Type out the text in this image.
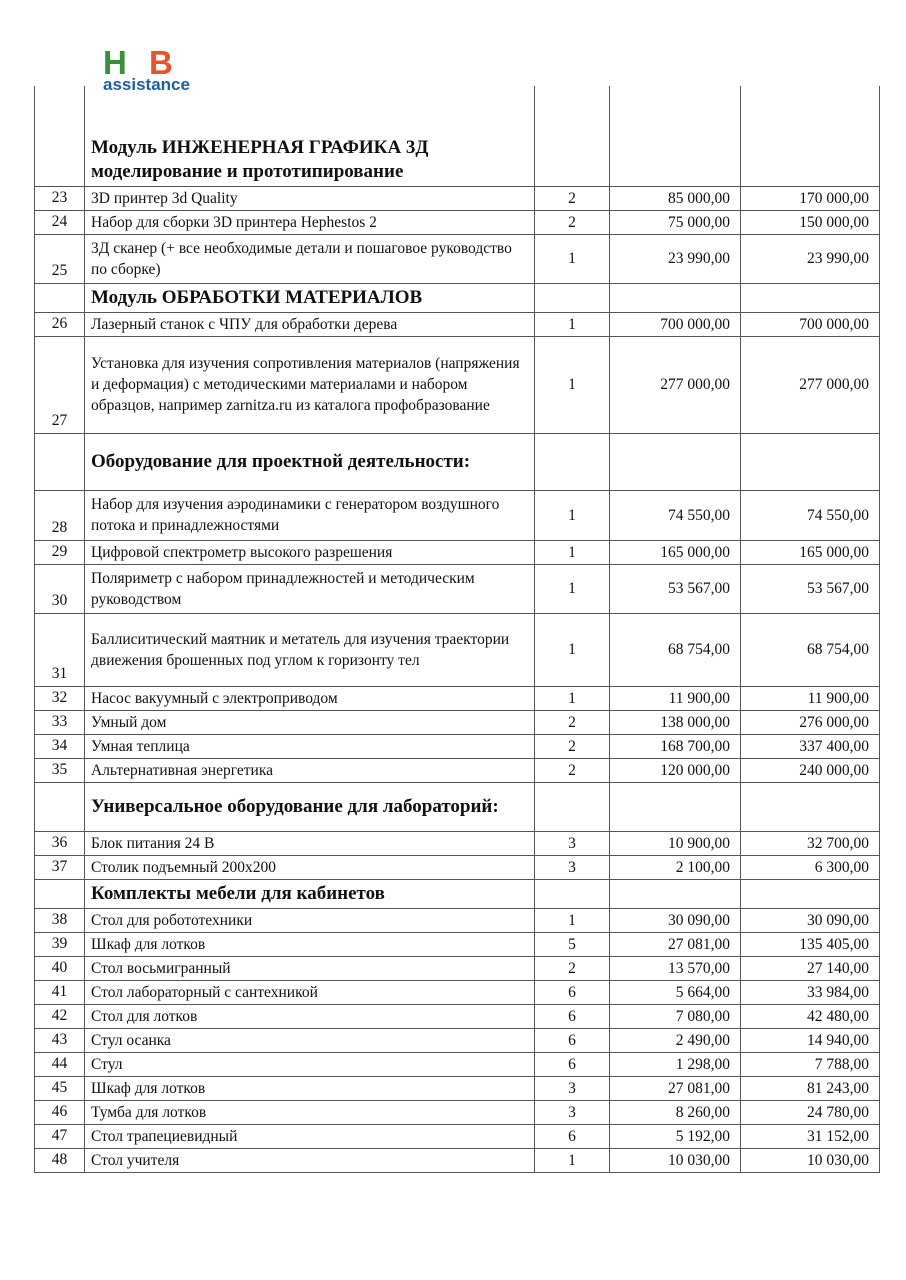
H B
assistance
	Модуль ИНЖЕНЕРНАЯ ГРАФИКА 3Д моделирование и прототипирование			
23	3D принтер 3d Quality	2	85 000,00	170 000,00
24	Набор для сборки 3D принтера Hephestos 2	2	75 000,00	150 000,00
25	3Д сканер (+ все необходимые детали и пошаговое руководство по сборке)	1	23 990,00	23 990,00
	Модуль ОБРАБОТКИ МАТЕРИАЛОВ			
26	Лазерный станок с ЧПУ для обработки дерева	1	700 000,00	700 000,00
27	Установка для изучения сопротивления материалов (напряжения и деформация) с методическими материалами и набором образцов, например zarnitza.ru из каталога профобразование	1	277 000,00	277 000,00
	Оборудование для проектной деятельности:			
28	Набор для изучения аэродинамики с генератором воздушного потока и принадлежностями	1	74 550,00	74 550,00
29	Цифровой спектрометр высокого разрешения	1	165 000,00	165 000,00
30	Поляриметр с набором принадлежностей и методическим руководством	1	53 567,00	53 567,00
31	Баллиситический маятник и метатель для изучения траектории двиежения брошенных под углом к горизонту тел	1	68 754,00	68 754,00
32	Насос вакуумный с электроприводом	1	11 900,00	11 900,00
33	Умный дом	2	138 000,00	276 000,00
34	Умная теплица	2	168 700,00	337 400,00
35	Альтернативная энергетика	2	120 000,00	240 000,00
	Универсальное оборудование для лабораторий:			
36	Блок питания 24 В	3	10 900,00	32 700,00
37	Столик подъемный 200х200	3	2 100,00	6 300,00
	Комплекты мебели для кабинетов			
38	Стол для робототехники	1	30 090,00	30 090,00
39	Шкаф для лотков	5	27 081,00	135 405,00
40	Стол восьмигранный	2	13 570,00	27 140,00
41	Стол лабораторный с сантехникой	6	5 664,00	33 984,00
42	Стол для лотков	6	7 080,00	42 480,00
43	Стул осанка	6	2 490,00	14 940,00
44	Стул	6	1 298,00	7 788,00
45	Шкаф для лотков	3	27 081,00	81 243,00
46	Тумба для лотков	3	8 260,00	24 780,00
47	Стол трапециевидный	6	5 192,00	31 152,00
48	Стол учителя	1	10 030,00	10 030,00
